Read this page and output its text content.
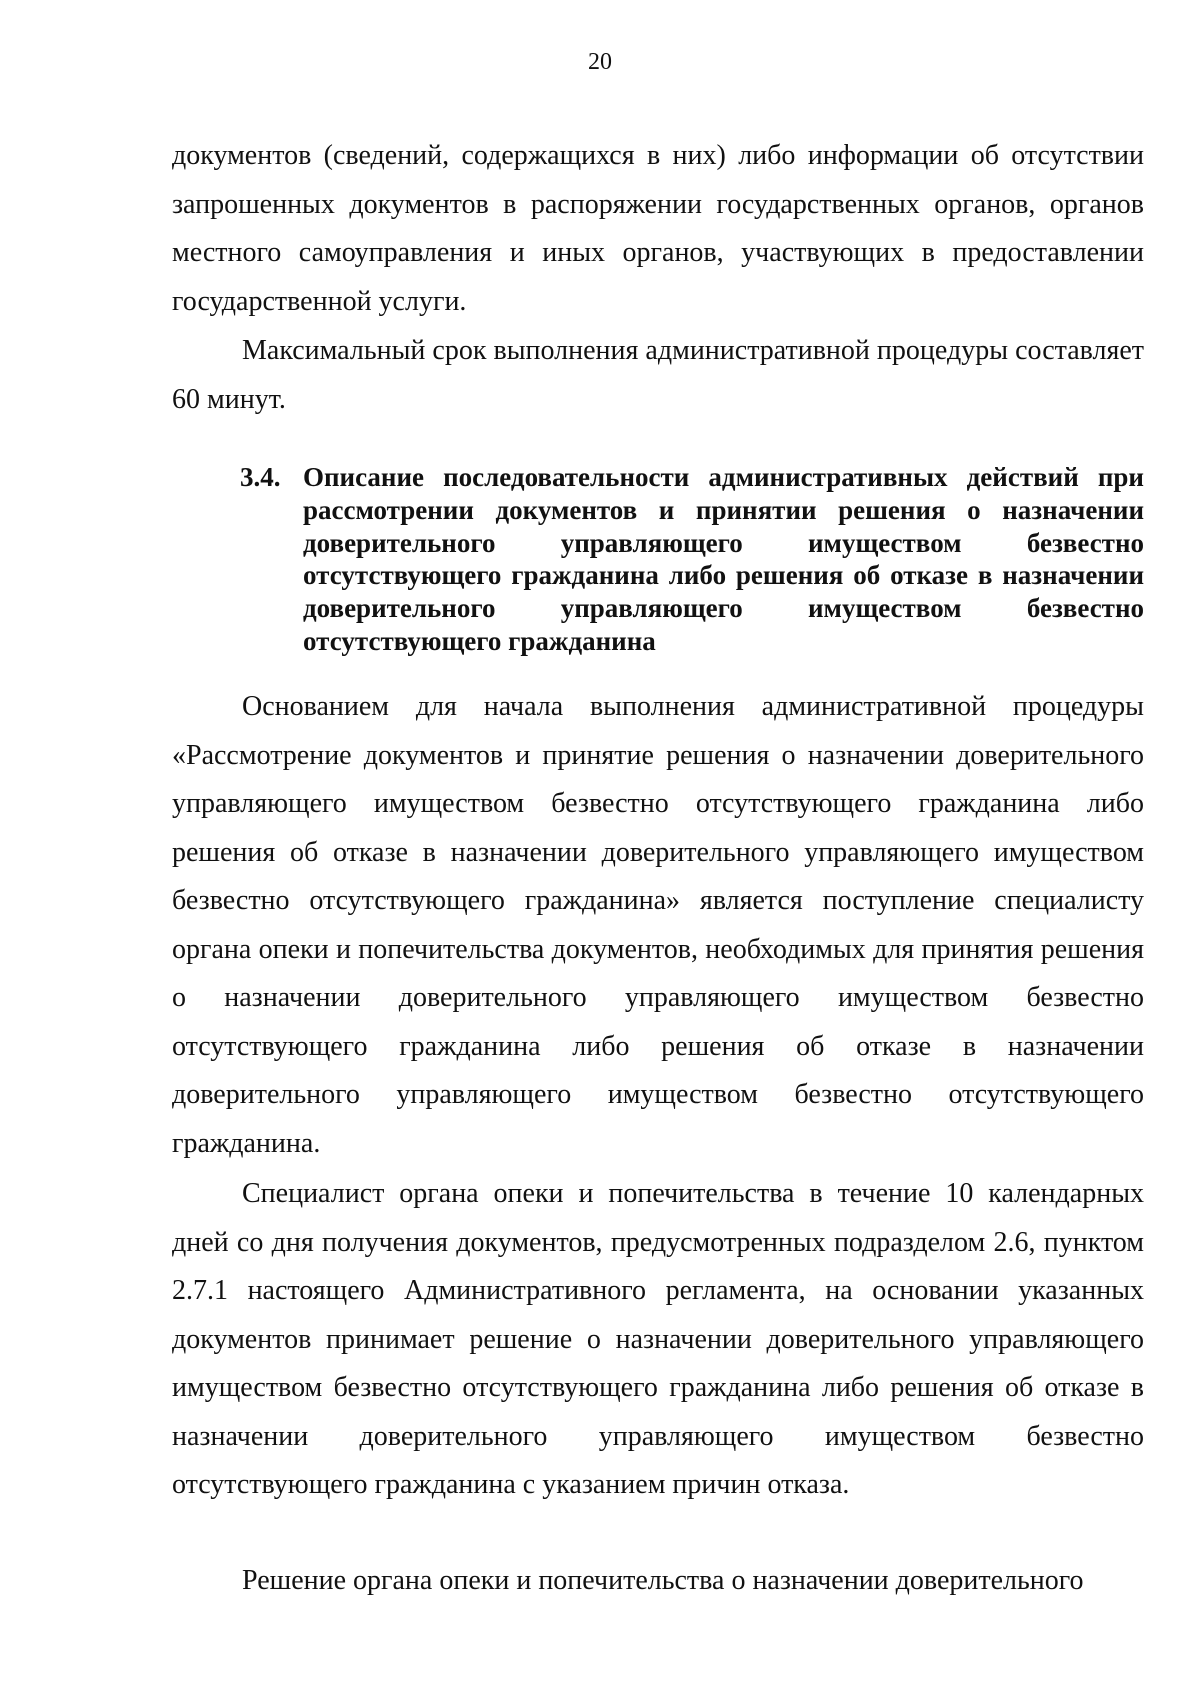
20

документов (сведений, содержащихся в них) либо информации об отсутствии запрошенных документов в распоряжении государственных органов, органов местного самоуправления и иных органов, участвующих в предоставлении государственной услуги.

Максимальный срок выполнения административной процедуры составляет 60 минут.

3.4. Описание последовательности административных действий при рассмотрении документов и принятии решения о назначении доверительного управляющего имуществом безвестно отсутствующего гражданина либо решения об отказе в назначении доверительного управляющего имуществом безвестно отсутствующего гражданина

Основанием для начала выполнения административной процедуры «Рассмотрение документов и принятие решения о назначении доверительного управляющего имуществом безвестно отсутствующего гражданина либо решения об отказе в назначении доверительного управляющего имуществом безвестно отсутствующего гражданина» является поступление специалисту органа опеки и попечительства документов, необходимых для принятия решения о назначении доверительного управляющего имуществом безвестно отсутствующего гражданина либо решения об отказе в назначении доверительного управляющего имуществом безвестно отсутствующего гражданина.

Специалист органа опеки и попечительства в течение 10 календарных дней со дня получения документов, предусмотренных подразделом 2.6, пунктом 2.7.1 настоящего Административного регламента, на основании указанных документов принимает решение о назначении доверительного управляющего имуществом безвестно отсутствующего гражданина либо решения об отказе в назначении доверительного управляющего имуществом безвестно отсутствующего гражданина с указанием причин отказа.

Решение органа опеки и попечительства о назначении доверительного
